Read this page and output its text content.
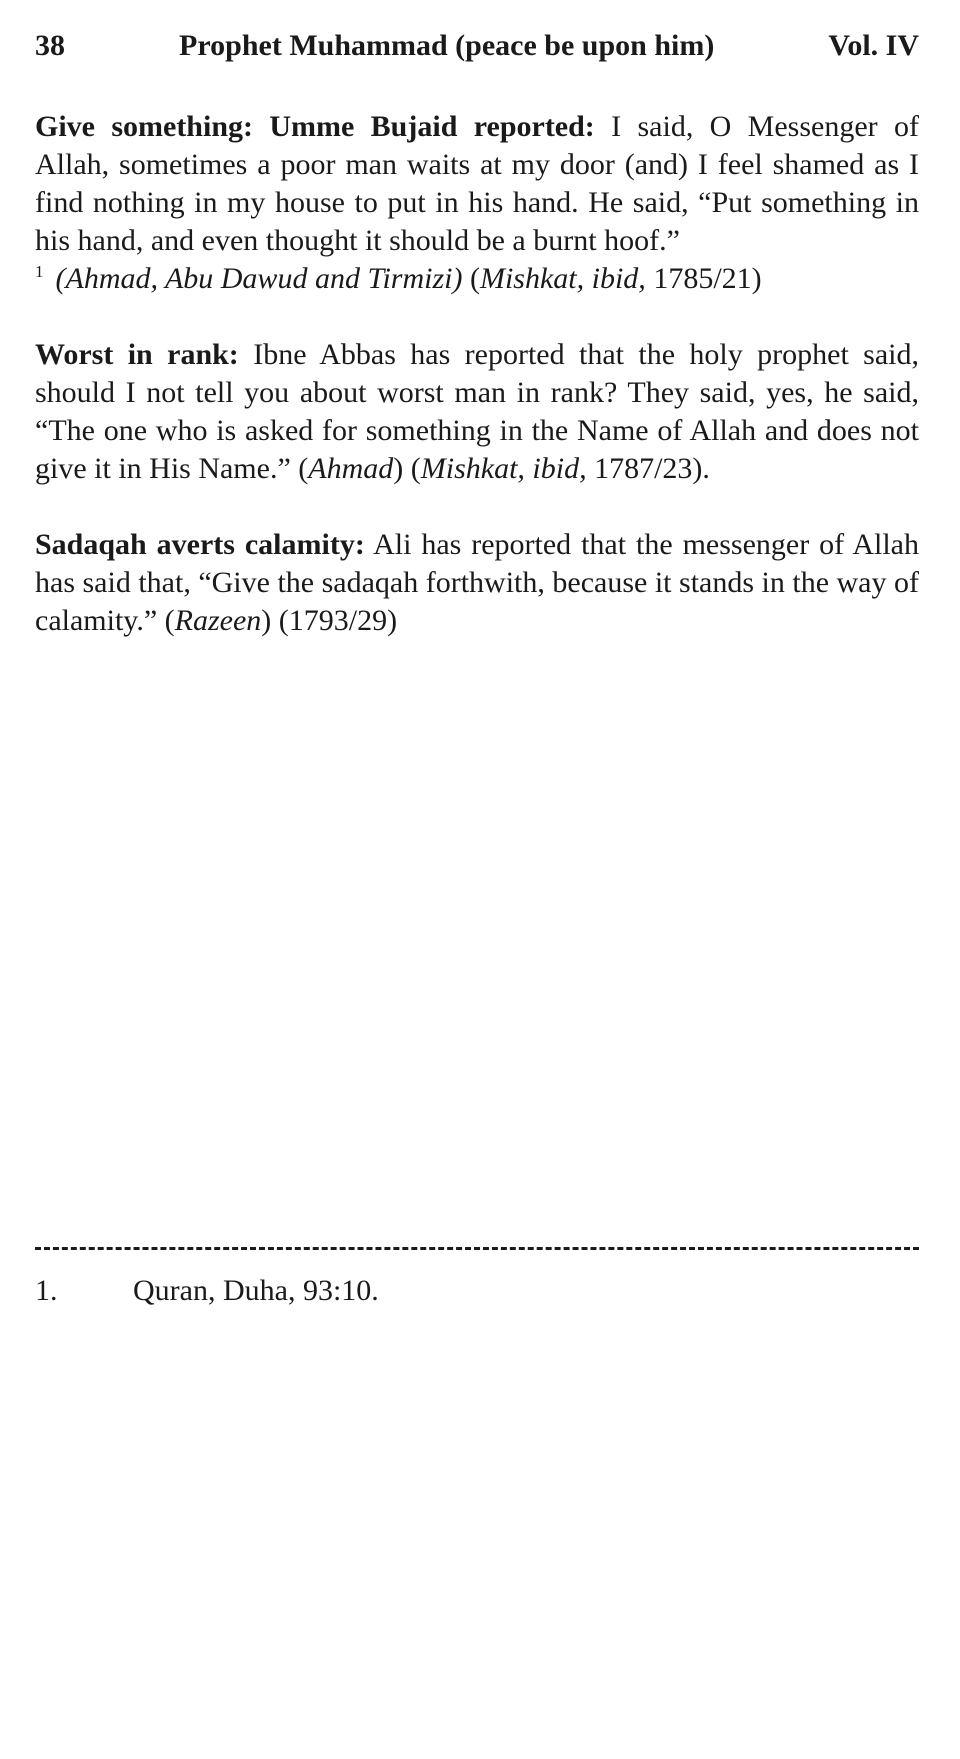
38	Prophet Muhammad (peace be upon him)	Vol. IV

Give something: Umme Bujaid reported: I said, O Messenger of Allah, sometimes a poor man waits at my door (and) I feel shamed as I find nothing in my house to put in his hand. He said, “Put something in his hand, and even thought it should be a burnt hoof.”
$^1$ (Ahmad, Abu Dawud and Tirmizi) (Mishkat, ibid, 1785/21)

Worst in rank: Ibne Abbas has reported that the holy prophet said, should I not tell you about worst man in rank? They said, yes, he said, “The one who is asked for something in the Name of Allah and does not give it in His Name.” (Ahmad) (Mishkat, ibid, 1787/23).

Sadaqah averts calamity: Ali has reported that the messenger of Allah has said that, “Give the sadaqah forthwith, because it stands in the way of calamity.” (Razeen) (1793/29)

1.	Quran, Duha, 93:10.
